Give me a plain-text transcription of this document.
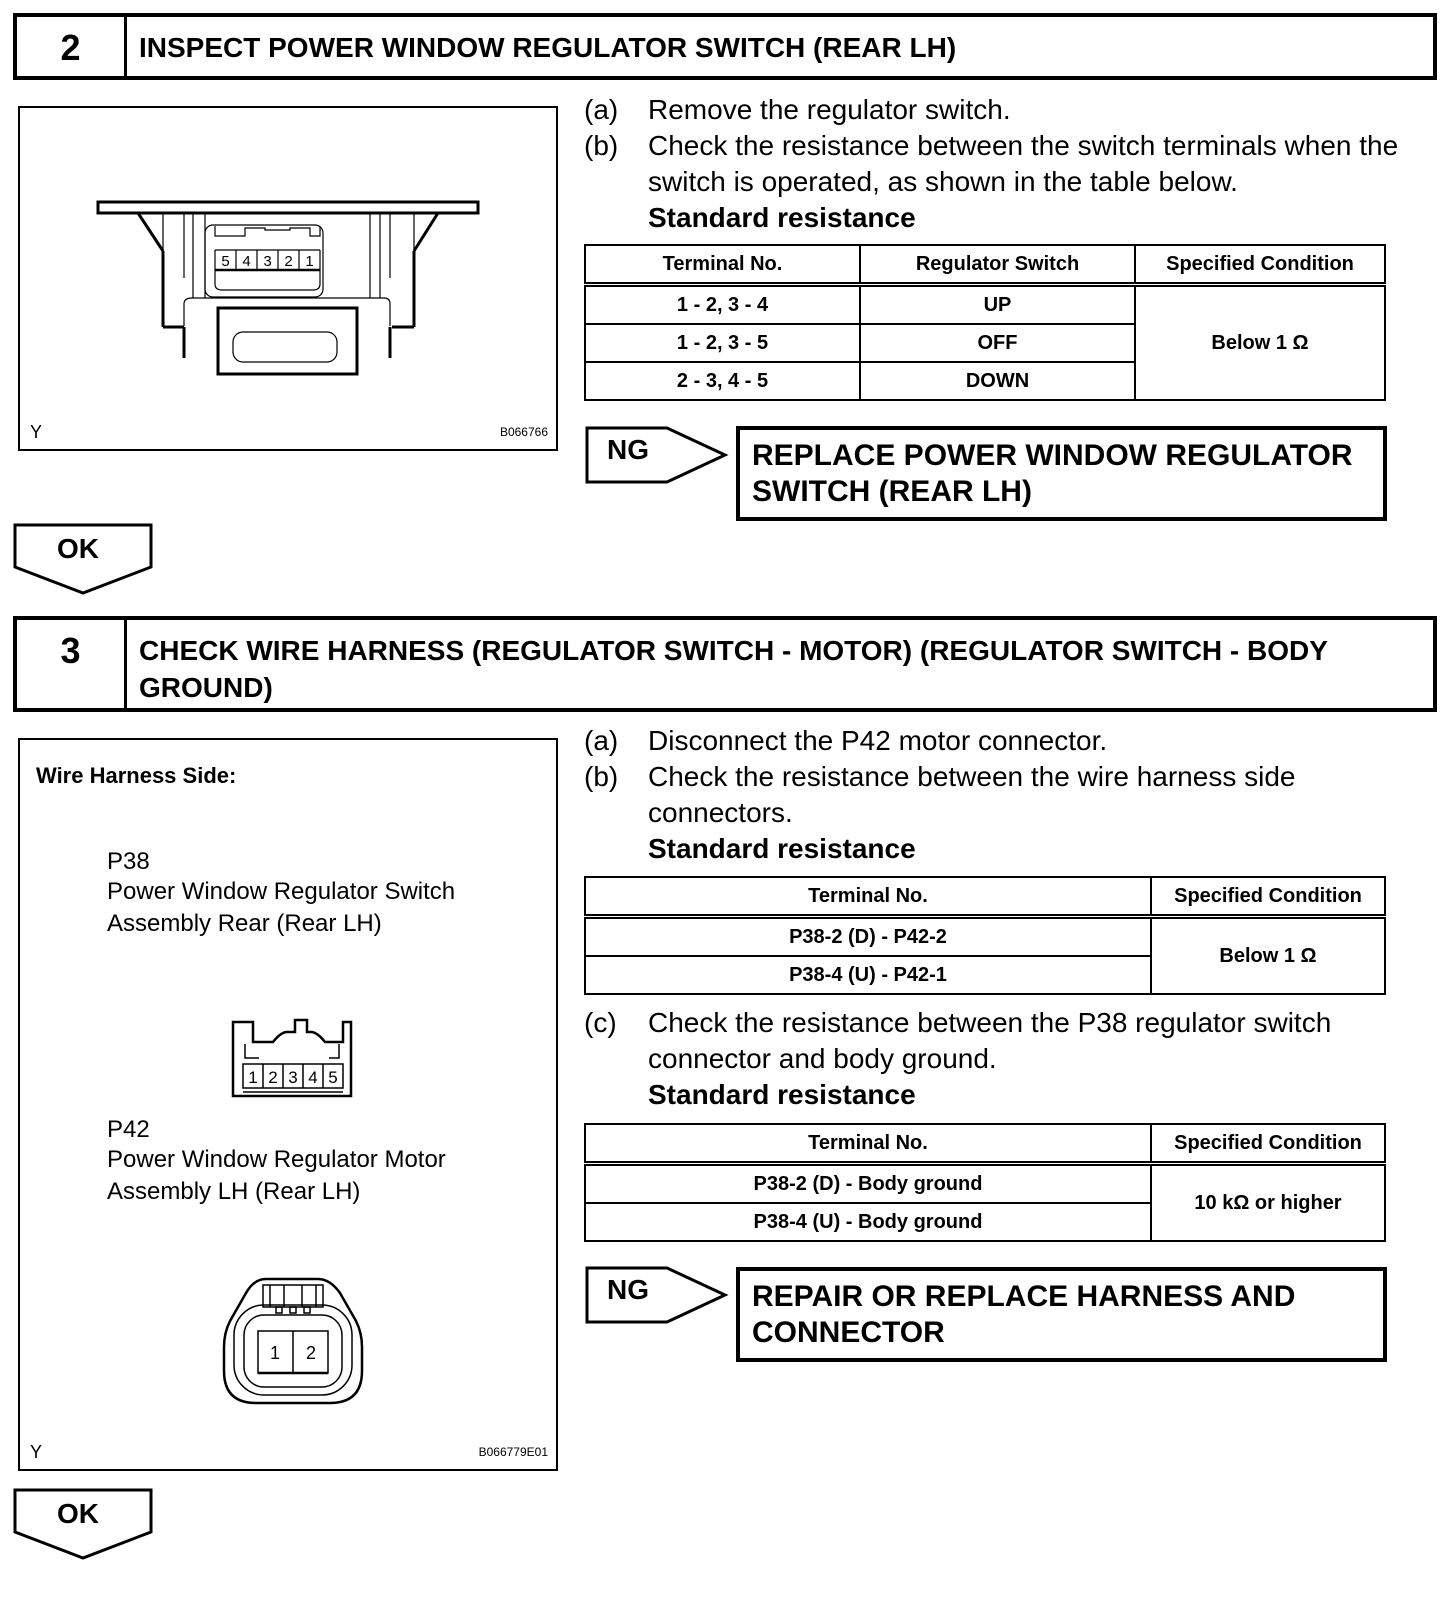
2	INSPECT POWER WINDOW REGULATOR SWITCH (REAR LH)
5 4 3 2 1
Y	B066766
(a)	Remove the regulator switch.
(b)	Check the resistance between the switch terminals when the switch is operated, as shown in the table below.
Standard resistance
Terminal No.	Regulator Switch	Specified Condition
1 - 2, 3 - 4	UP	Below 1 Ω
1 - 2, 3 - 5	OFF	
2 - 3, 4 - 5	DOWN	
NG	REPLACE POWER WINDOW REGULATOR SWITCH (REAR LH)
OK
3	CHECK WIRE HARNESS (REGULATOR SWITCH - MOTOR) (REGULATOR SWITCH - BODY GROUND)
Wire Harness Side:
P38
Power Window Regulator Switch
Assembly Rear (Rear LH)
1 2 3 4 5
P42
Power Window Regulator Motor
Assembly LH (Rear LH)
1 2
Y	B066779E01
(a)	Disconnect the P42 motor connector.
(b)	Check the resistance between the wire harness side connectors.
Standard resistance
Terminal No.	Specified Condition
P38-2 (D) - P42-2	Below 1 Ω
P38-4 (U) - P42-1	
(c)	Check the resistance between the P38 regulator switch connector and body ground.
Standard resistance
Terminal No.	Specified Condition
P38-2 (D) - Body ground	10 kΩ or higher
P38-4 (U) - Body ground	
NG	REPAIR OR REPLACE HARNESS AND CONNECTOR
OK
